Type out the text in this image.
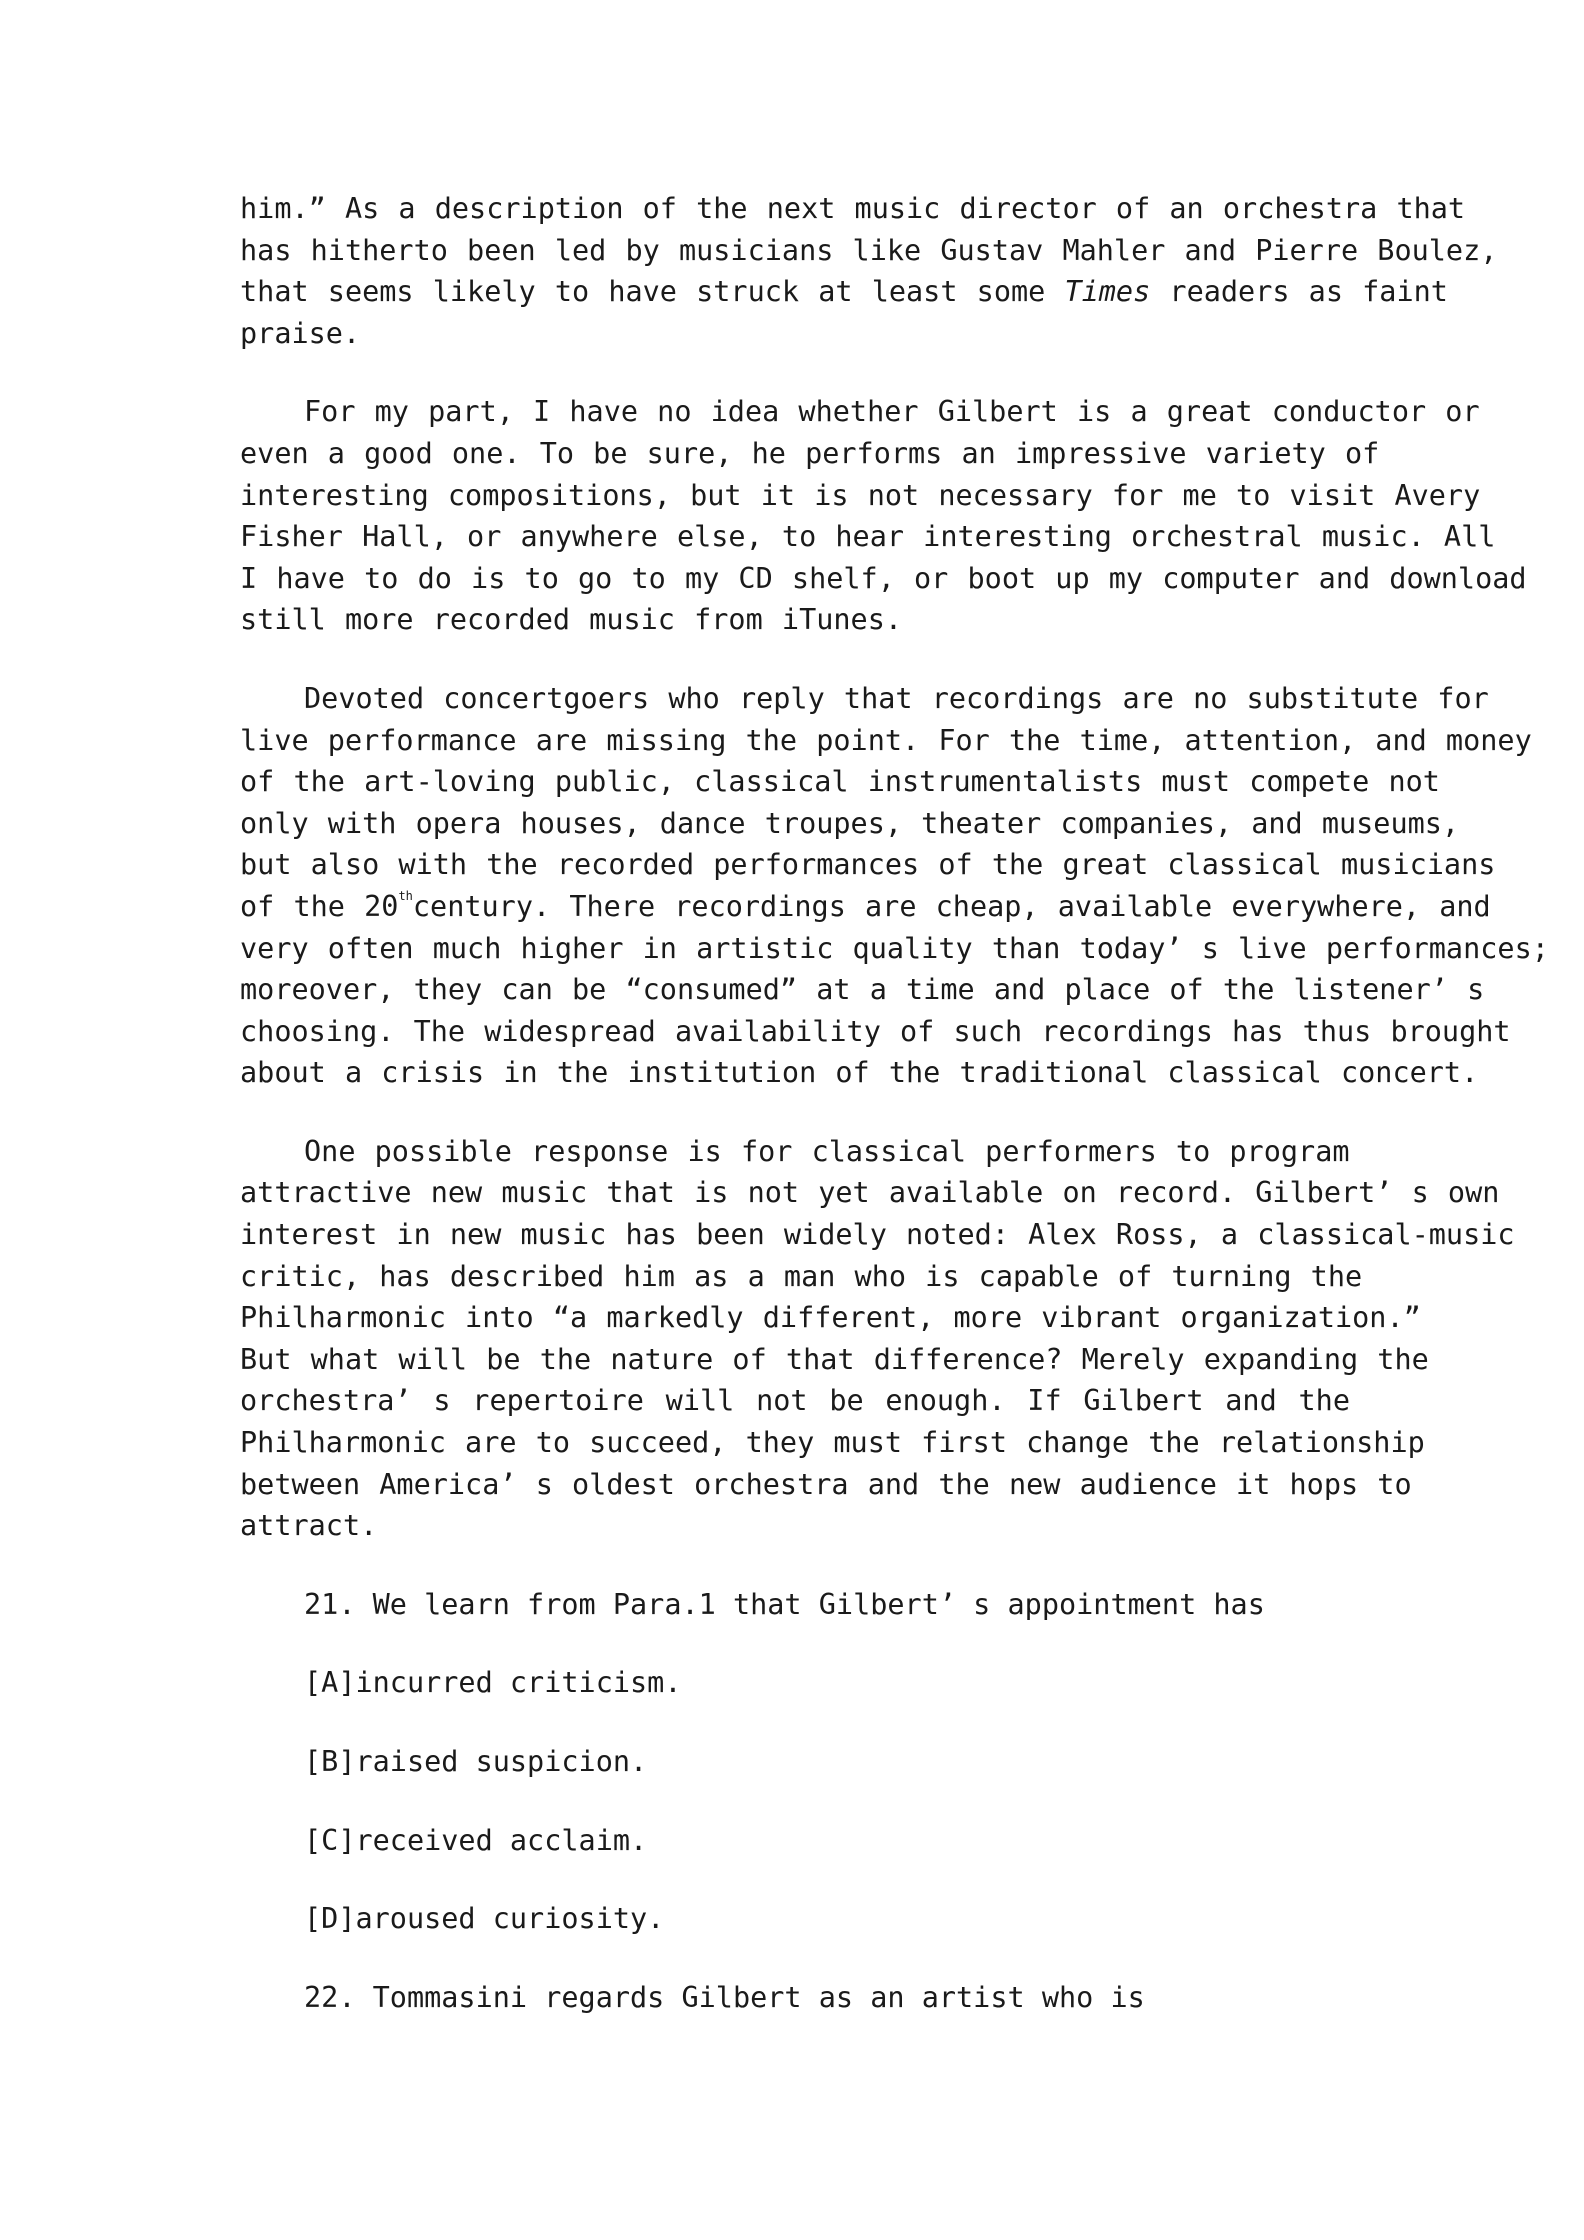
him.” As a description of the next music director of an orchestra that
has hitherto been led by musicians like Gustav Mahler and Pierre Boulez,
that seems likely to have struck at least some Times readers as faint
praise.

For my part, I have no idea whether Gilbert is a great conductor or
even a good one. To be sure, he performs an impressive variety of
interesting compositions, but it is not necessary for me to visit Avery
Fisher Hall, or anywhere else, to hear interesting orchestral music. All
I have to do is to go to my CD shelf, or boot up my computer and download
still more recorded music from iTunes.

Devoted concertgoers who reply that recordings are no substitute for
live performance are missing the point. For the time, attention, and money
of the art-loving public, classical instrumentalists must compete not
only with opera houses, dance troupes, theater companies, and museums,
but also with the recorded performances of the great classical musicians
of the 20thcentury. There recordings are cheap, available everywhere, and
very often much higher in artistic quality than today’ s live performances;
moreover, they can be “consumed” at a time and place of the listener’ s
choosing. The widespread availability of such recordings has thus brought
about a crisis in the institution of the traditional classical concert.

One possible response is for classical performers to program
attractive new music that is not yet available on record. Gilbert’ s own
interest in new music has been widely noted: Alex Ross, a classical-music
critic, has described him as a man who is capable of turning the
Philharmonic into “a markedly different, more vibrant organization.”
But what will be the nature of that difference? Merely expanding the
orchestra’ s repertoire will not be enough. If Gilbert and the
Philharmonic are to succeed, they must first change the relationship
between America’ s oldest orchestra and the new audience it hops to
attract.

21. We learn from Para.1 that Gilbert’ s appointment has

[A]incurred criticism.

[B]raised suspicion.

[C]received acclaim.

[D]aroused curiosity.

22. Tommasini regards Gilbert as an artist who is
